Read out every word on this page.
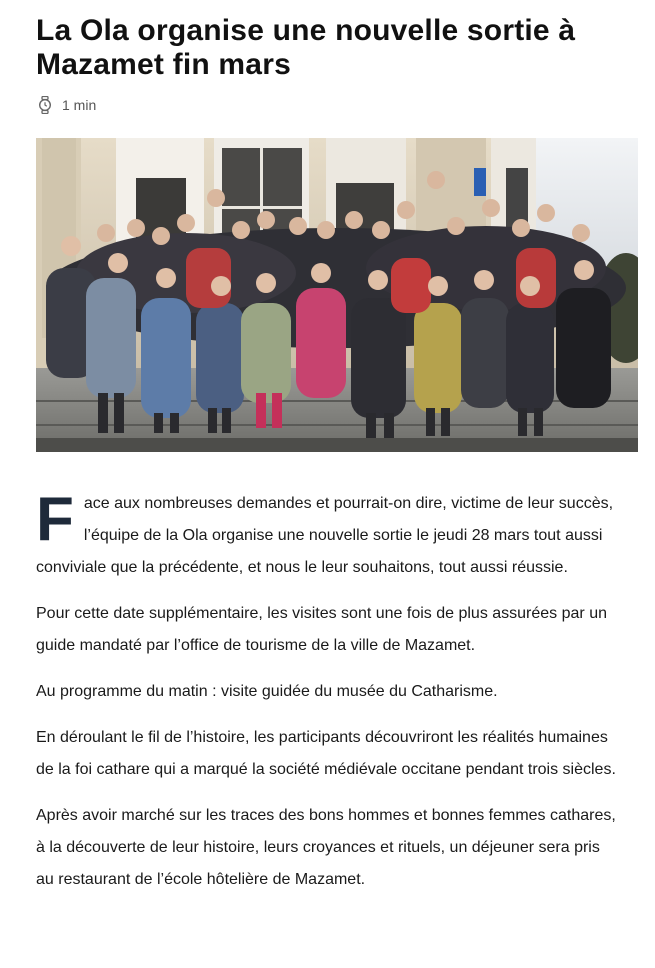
La Ola organise une nouvelle sortie à Mazamet fin mars
1 min

Face aux nombreuses demandes et pourrait-on dire, victime de leur succès, l’équipe de la Ola organise une nouvelle sortie le jeudi 28 mars tout aussi conviviale que la précédente, et nous le leur souhaitons, tout aussi réussie.

Pour cette date supplémentaire, les visites sont une fois de plus assurées par un guide mandaté par l’office de tourisme de la ville de Mazamet.

Au programme du matin : visite guidée du musée du Catharisme.

En déroulant le fil de l’histoire, les participants découvriront les réalités humaines de la foi cathare qui a marqué la société médiévale occitane pendant trois siècles.

Après avoir marché sur les traces des bons hommes et bonnes femmes cathares, à la découverte de leur histoire, leurs croyances et rituels, un déjeuner sera pris au restaurant de l’école hôtelière de Mazamet.
